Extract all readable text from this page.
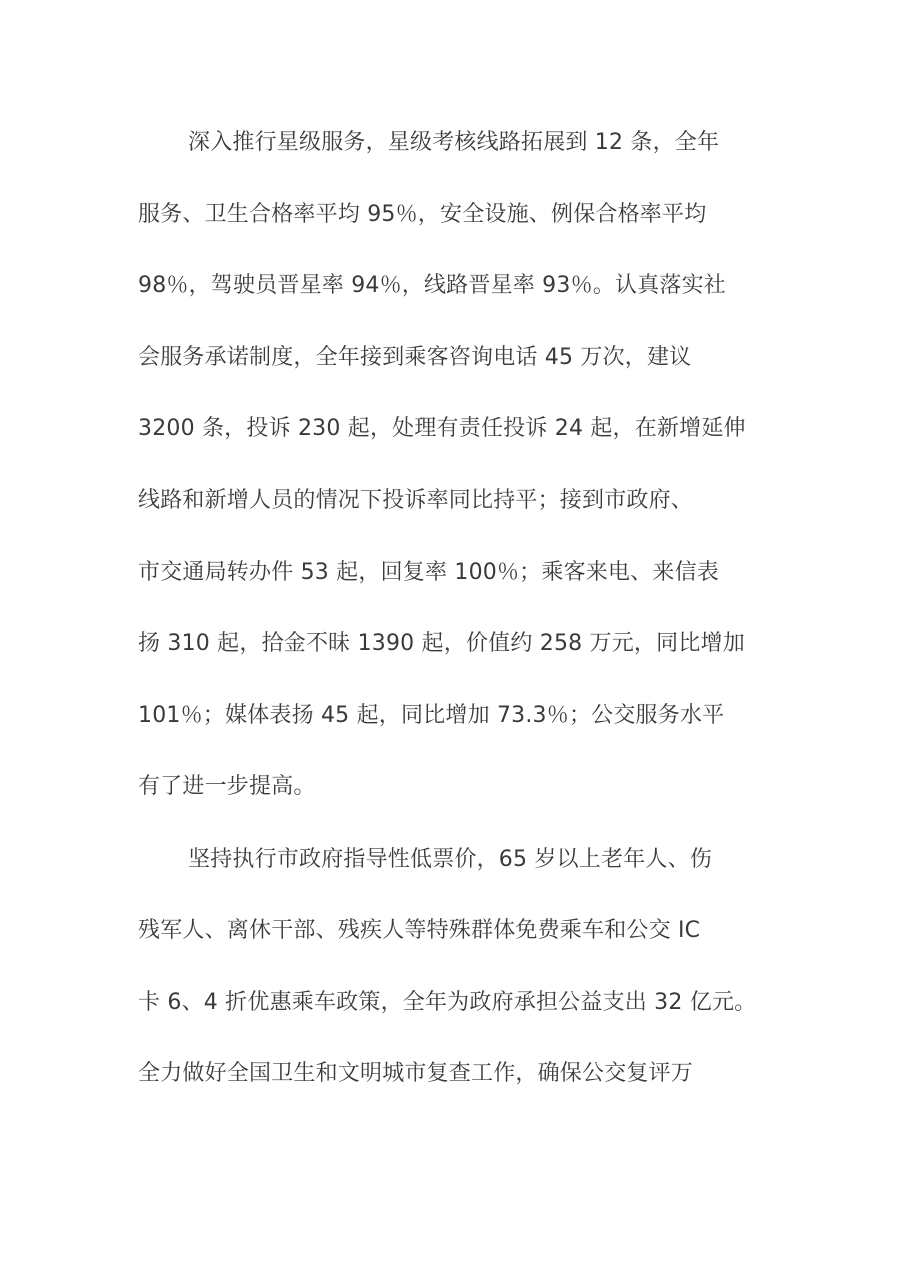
深入推行星级服务，星级考核线路拓展到 12 条，全年
服务、卫生合格率平均 95％，安全设施、例保合格率平均
98％，驾驶员晋星率 94％，线路晋星率 93％。认真落实社
会服务承诺制度，全年接到乘客咨询电话 45 万次，建议
3200 条，投诉 230 起，处理有责任投诉 24 起，在新增延伸
线路和新增人员的情况下投诉率同比持平；接到市政府、
市交通局转办件 53 起，回复率 100％；乘客来电、来信表
扬 310 起，拾金不昧 1390 起，价值约 258 万元，同比增加
101％；媒体表扬 45 起，同比增加 73.3％；公交服务水平
有了进一步提高。
坚持执行市政府指导性低票价，65 岁以上老年人、伤
残军人、离休干部、残疾人等特殊群体免费乘车和公交 IC
卡 6、4 折优惠乘车政策，全年为政府承担公益支出 32 亿元。
全力做好全国卫生和文明城市复查工作，确保公交复评万
